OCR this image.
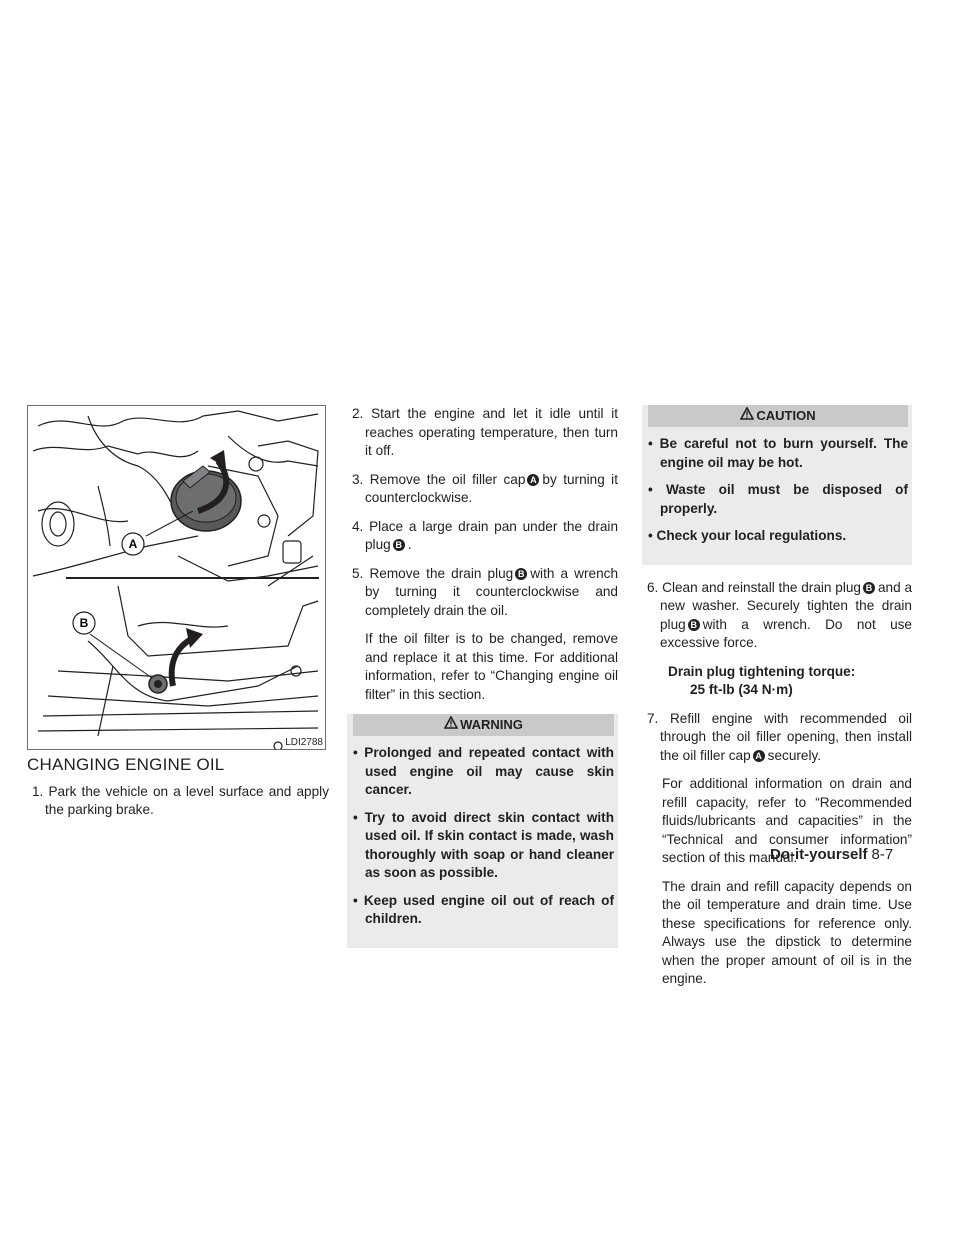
A
B
LDI2788
CHANGING ENGINE OIL

1. Park the vehicle on a level surface and apply the parking brake.

2. Start the engine and let it idle until it reaches operating temperature, then turn it off.

3. Remove the oil filler cap A by turning it counterclockwise.

4. Place a large drain pan under the drain plug B .

5. Remove the drain plug B with a wrench by turning it counterclockwise and completely drain the oil.

If the oil filter is to be changed, remove and replace it at this time. For additional information, refer to “Changing engine oil filter” in this section.

WARNING

• Prolonged and repeated contact with used engine oil may cause skin cancer.

• Try to avoid direct skin contact with used oil. If skin contact is made, wash thoroughly with soap or hand cleaner as soon as possible.

• Keep used engine oil out of reach of children.

CAUTION

• Be careful not to burn yourself. The engine oil may be hot.

• Waste oil must be disposed of properly.

• Check your local regulations.

6. Clean and reinstall the drain plug B and a new washer. Securely tighten the drain plug B with a wrench. Do not use excessive force.

Drain plug tightening torque:

25 ft-lb (34 N·m)

7. Refill engine with recommended oil through the oil filler opening, then install the oil filler cap A securely.

For additional information on drain and refill capacity, refer to “Recommended fluids/lubricants and capacities” in the “Technical and consumer information” section of this manual.

The drain and refill capacity depends on the oil temperature and drain time. Use these specifications for reference only. Always use the dipstick to determine when the proper amount of oil is in the engine.

Do-it-yourself 8-7
